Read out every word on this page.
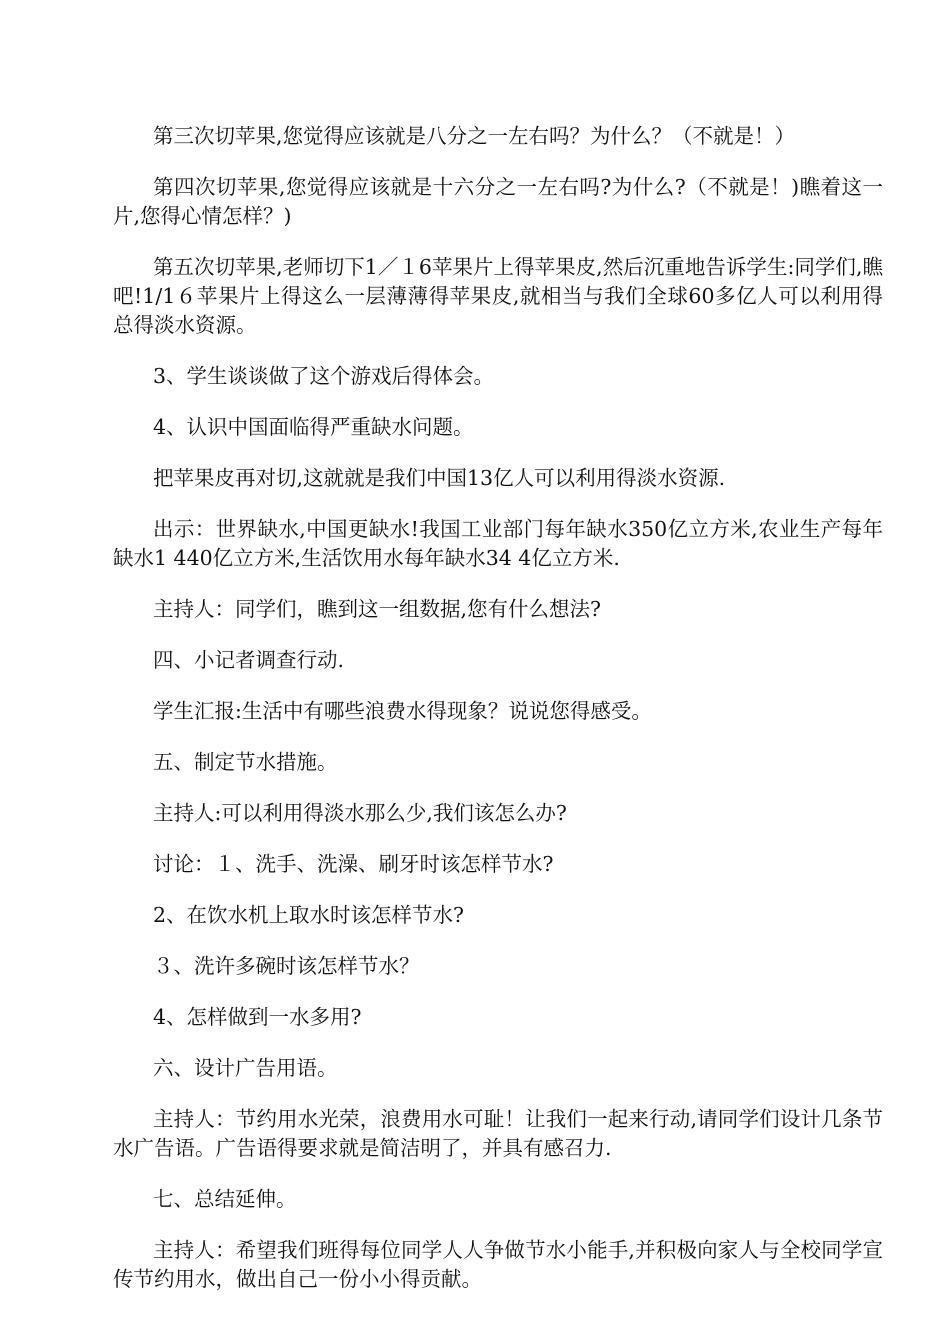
第三次切苹果,您觉得应该就是八分之一左右吗？为什么？（不就是！）

第四次切苹果,您觉得应该就是十六分之一左右吗?为什么?（不就是！)瞧着这一片,您得心情怎样？)

第五次切苹果,老师切下1／１6苹果片上得苹果皮,然后沉重地告诉学生:同学们,瞧吧!1/1６苹果片上得这么一层薄薄得苹果皮,就相当与我们全球60多亿人可以利用得总得淡水资源。

3、学生谈谈做了这个游戏后得体会。

4、认识中国面临得严重缺水问题。

把苹果皮再对切,这就就是我们中国13亿人可以利用得淡水资源.

出示：世界缺水,中国更缺水!我国工业部门每年缺水350亿立方米,农业生产每年缺水1 440亿立方米,生活饮用水每年缺水34 4亿立方米.

主持人：同学们，瞧到这一组数据,您有什么想法?

四、小记者调查行动.

学生汇报:生活中有哪些浪费水得现象？说说您得感受。

五、制定节水措施。

主持人:可以利用得淡水那么少,我们该怎么办?

讨论：１、洗手、洗澡、刷牙时该怎样节水?

2、在饮水机上取水时该怎样节水?

３、洗许多碗时该怎样节水？

4、怎样做到一水多用?

六、设计广告用语。

主持人：节约用水光荣，浪费用水可耻！让我们一起来行动,请同学们设计几条节水广告语。广告语得要求就是简洁明了，并具有感召力.

七、总结延伸。

主持人：希望我们班得每位同学人人争做节水小能手,并积极向家人与全校同学宣传节约用水，做出自己一份小小得贡献。
